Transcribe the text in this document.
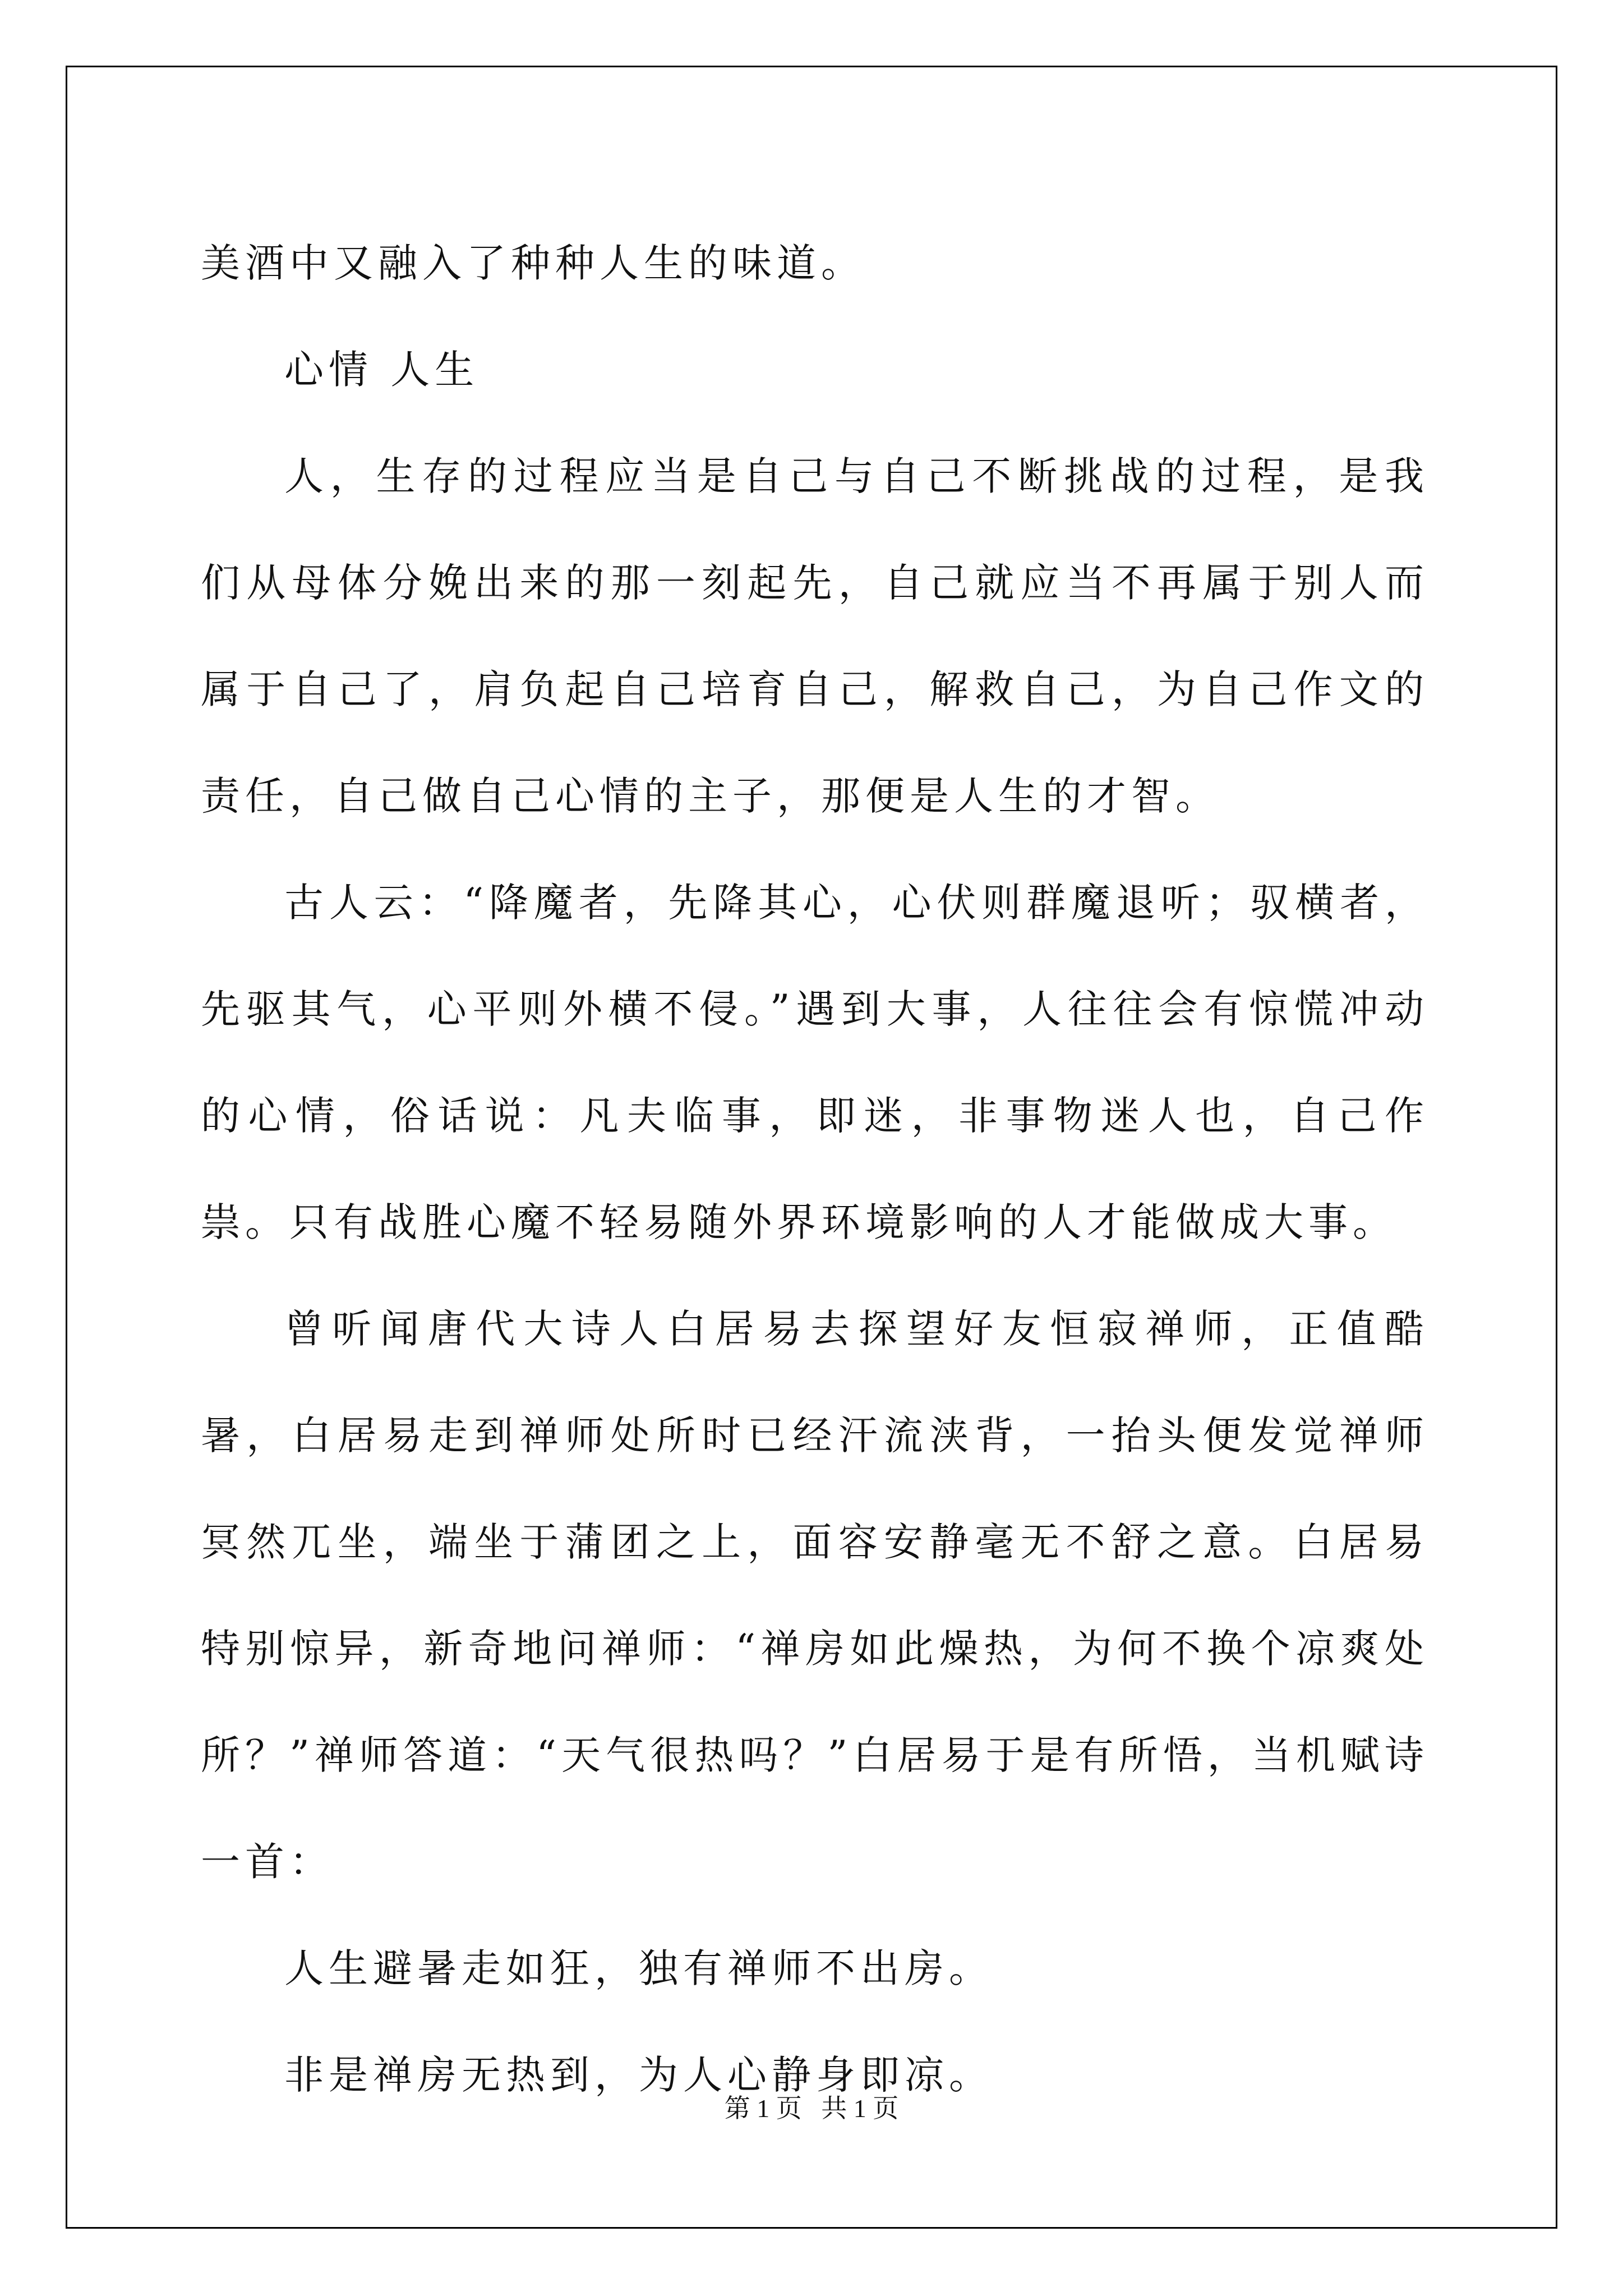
美酒中又融入了种种人生的味道。

心情 人生

人，生存的过程应当是自己与自己不断挑战的过程，是我们从母体分娩出来的那一刻起先，自己就应当不再属于别人而属于自己了，肩负起自己培育自己，解救自己，为自己作文的责任，自己做自己心情的主子，那便是人生的才智。

古人云：“降魔者，先降其心，心伏则群魔退听；驭横者，先驱其气，心平则外横不侵。”遇到大事，人往往会有惊慌冲动的心情，俗话说：凡夫临事，即迷，非事物迷人也，自己作祟。只有战胜心魔不轻易随外界环境影响的人才能做成大事。

曾听闻唐代大诗人白居易去探望好友恒寂禅师，正值酷暑，白居易走到禅师处所时已经汗流浃背，一抬头便发觉禅师冥然兀坐，端坐于蒲团之上，面容安静毫无不舒之意。白居易特别惊异，新奇地问禅师：“禅房如此燥热，为何不换个凉爽处所？”禅师答道：“天气很热吗？”白居易于是有所悟，当机赋诗一首：

人生避暑走如狂，独有禅师不出房。

非是禅房无热到，为人心静身即凉。

第 1 页   共 1 页
